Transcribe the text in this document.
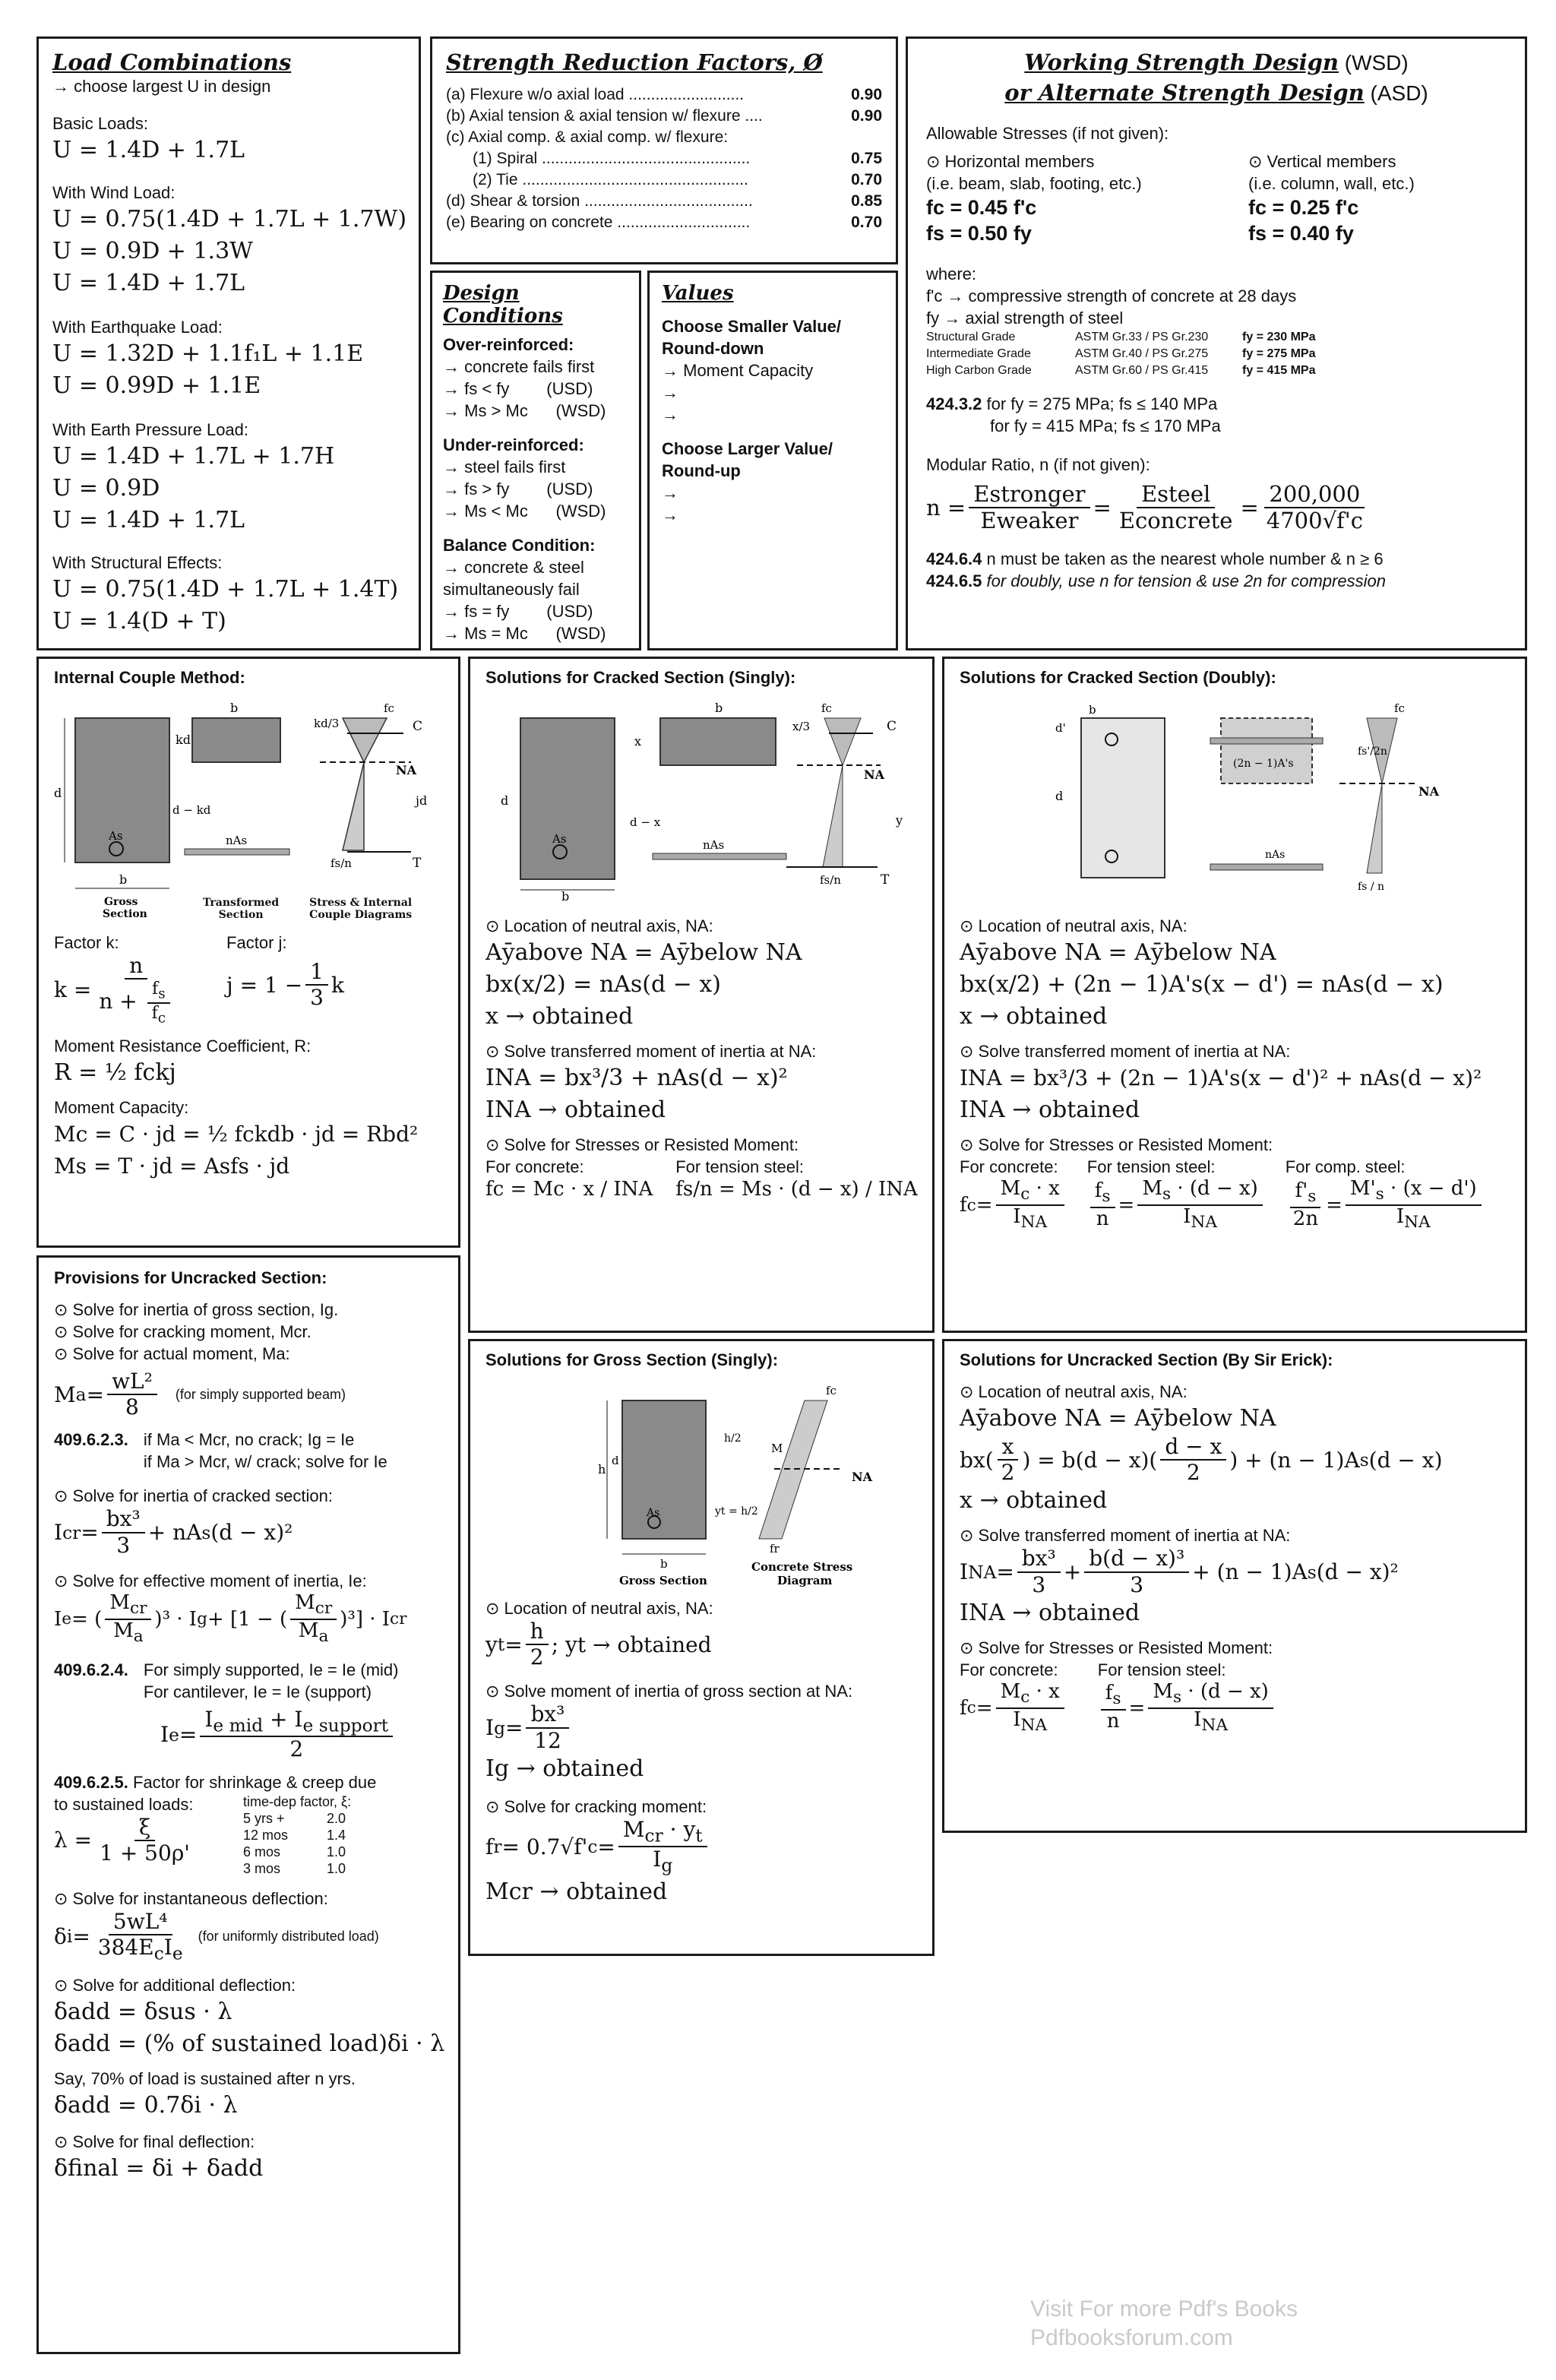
Load Combinations
→ choose largest U in design
Basic Loads:
U = 1.4D + 1.7L
With Wind Load:
U = 0.75(1.4D + 1.7L + 1.7W)
U = 0.9D + 1.3W
U = 1.4D + 1.7L
With Earthquake Load:
U = 1.32D + 1.1f₁L + 1.1E
U = 0.99D + 1.1E
With Earth Pressure Load:
U = 1.4D + 1.7L + 1.7H
U = 0.9D
U = 1.4D + 1.7L
With Structural Effects:
U = 0.75(1.4D + 1.7L + 1.4T)
U = 1.4(D + T)
Strength Reduction Factors, Ø
(a) Flexure w/o axial load ..........................	0.90
(b) Axial tension & axial tension w/ flexure ....	0.90
(c) Axial comp. & axial comp. w/ flexure:
(1) Spiral ...............................................	0.75
(2) Tie ...................................................	0.70
(d) Shear & torsion ......................................	0.85
(e) Bearing on concrete ..............................	0.70
Design Conditions
Over-reinforced:
→ concrete fails first
→ fs < fy        (USD)
→ Ms > Mc      (WSD)
Under-reinforced:
→ steel fails first
→ fs > fy        (USD)
→ Ms < Mc      (WSD)
Balance Condition:
→ concrete & steel
simultaneously fail
→ fs = fy        (USD)
→ Ms = Mc      (WSD)
Values
Choose Smaller Value/
Round-down
→ Moment Capacity
→
→
Choose Larger Value/
Round-up
→
→
Working Strength Design (WSD)
or Alternate Strength Design (ASD)
Allowable Stresses (if not given):
⊙ Horizontal members
(i.e. beam, slab, footing, etc.)
fc = 0.45 f'c
fs = 0.50 fy
⊙ Vertical members
(i.e. column, wall, etc.)
fc = 0.25 f'c
fs = 0.40 fy
where:
f'c → compressive strength of concrete at 28 days
fy → axial strength of steel
Structural Grade	ASTM Gr.33 / PS Gr.230	fy = 230 MPa
Intermediate Grade	ASTM Gr.40 / PS Gr.275	fy = 275 MPa
High Carbon Grade	ASTM Gr.60 / PS Gr.415	fy = 415 MPa
424.3.2 for fy = 275 MPa; fs ≤ 140 MPa
for fy = 415 MPa; fs ≤ 170 MPa
Modular Ratio, n (if not given):
$n = \frac{\text{Estronger}}{\text{Eweaker}} = \frac{\text{Esteel}}{\text{Econcrete}} = \frac{200,000}{4700√f'c}$
424.6.4 n must be taken as the nearest whole number & n ≥ 6
424.6.5 for doubly, use n for tension & use 2n for compression
Internal Couple Method:
b
kd
kd/3
fc
C
NA
d
d − kd
jd
As	nAs
fs/n	T
b
Gross
Section
Transformed
Section
Stress & Internal
Couple Diagrams
Factor k:
$k = \frac{n}{n + \frac{f_s}{f_c}}$
Factor j:
$j = 1 - \frac{1}{3}$ k
Moment Resistance Coefficient, R:
R = ½ fckj
Moment Capacity:
Mc = C · jd = ½ fckdb · jd = Rbd²
Ms = T · jd = Asfs · jd
Solutions for Cracked Section (Singly):
b	fc
x/3	C
NA
d
x
d − x	y
As	nAs
fs/n	T
b
⊙ Location of neutral axis, NA:
Aȳabove NA = Aȳbelow NA
bx(x/2) = nAs(d − x)
x → obtained
⊙ Solve transferred moment of inertia at NA:
INA = bx³/3 + nAs(d − x)²
INA → obtained
⊙ Solve for Stresses or Resisted Moment:
For concrete:
fc = Mc · x / INA
For tension steel:
fs/n = Ms · (d − x) / INA
Solutions for Cracked Section (Doubly):
b
d'
d
(2n − 1)A's
nAs
fc
fs'/2n
NA
fs / n
⊙ Location of neutral axis, NA:
Aȳabove NA = Aȳbelow NA
bx(x/2) + (2n − 1)A's(x − d') = nAs(d − x)
x → obtained
⊙ Solve transferred moment of inertia at NA:
INA = bx³/3 + (2n − 1)A's(x − d')² + nAs(d − x)²
INA → obtained
⊙ Solve for Stresses or Resisted Moment:
For concrete:
f $c = \frac{M_c \cdot x}{I_{NA}}$
For tension steel:
$\frac{f_s}{n} = \frac{M_s \cdot (d - x)}{I_{NA}}$
For comp. steel:
$\frac{f'_s}{2n} = \frac{M'_s \cdot (x - d')}{I_{NA}}$
Provisions for Uncracked Section:
⊙ Solve for inertia of gross section, Ig.
⊙ Solve for cracking moment, Mcr.
⊙ Solve for actual moment, Ma:
M $a = \frac{\text{wL²}}{8} (for$ simply supported beam)
409.6.2.3. if Ma < Mcr, no crack; Ig = Ie
if Ma > Mcr, w/ crack; solve for Ie
⊙ Solve for inertia of cracked section:
I cr = $\frac{\text{bx³}}{3}$ + nA s (d − x)²
⊙ Solve for effective moment of inertia, Ie:
I e = ( $\frac{M_{cr}}{M_a} )^3 \cdot I$ g + [1 − ( $\frac{M_{cr}}{M_a} )^3] \cdot I$ cr
409.6.2.4. For simply supported, Ie = Ie (mid)
For cantilever, Ie = Ie (support)
I $e = \frac{I_{e mid} + I_{e support}}{2}$
409.6.2.5. Factor for shrinkage & creep due
to sustained loads:
$\lambda = \frac{\xi}{1 + 50\rho'}$
time-dep factor, ξ:
5 yrs +	2.0
12 mos	1.4
6 mos	1.0
3 mos	1.0
⊙ Solve for instantaneous deflection:
δ $i = \frac{\text{5wL⁴}}{384E_cI_e} (for$ uniformly distributed load)
⊙ Solve for additional deflection:
δadd = δsus · λ
δadd = (% of sustained load)δi · λ
Say, 70% of load is sustained after n yrs.
δadd = 0.7δi · λ
⊙ Solve for final deflection:
δfinal = δi + δadd
Solutions for Gross Section (Singly):
h
d
h/2
yt = h/2
M
NA
fc
fr
As
b
Gross Section
Concrete Stress
Diagram
⊙ Location of neutral axis, NA:
y $t = \frac{h}{2}$ ; yt → obtained
⊙ Solve moment of inertia of gross section at NA:
I $g = \frac{\text{bx³}}{12}$
Ig → obtained
⊙ Solve for cracking moment:
f r = 0.7√f' $c = \frac{M_{cr} \cdot y_t}{I_g}$
Mcr → obtained
Solutions for Uncracked Section (By Sir Erick):
⊙ Location of neutral axis, NA:
Aȳabove NA = Aȳbelow NA
$bx( \frac{x}{2}$ ) = $b(d - x)( \frac{d - x}{2}$ ) + (n − 1)A s (d − x)
x → obtained
⊙ Solve transferred moment of inertia at NA:
I NA = $\frac{\text{bx³}}{3} + \frac{\text{b(d − x)³}}{3} + (n - 1)A$ s (d − x)²
INA → obtained
⊙ Solve for Stresses or Resisted Moment:
For concrete:
f $c = \frac{M_c \cdot x}{I_{NA}}$
For tension steel:
$\frac{f_s}{n} = \frac{M_s \cdot (d - x)}{I_{NA}}$
Visit For more Pdf's Books
Pdfbooksforum.com
